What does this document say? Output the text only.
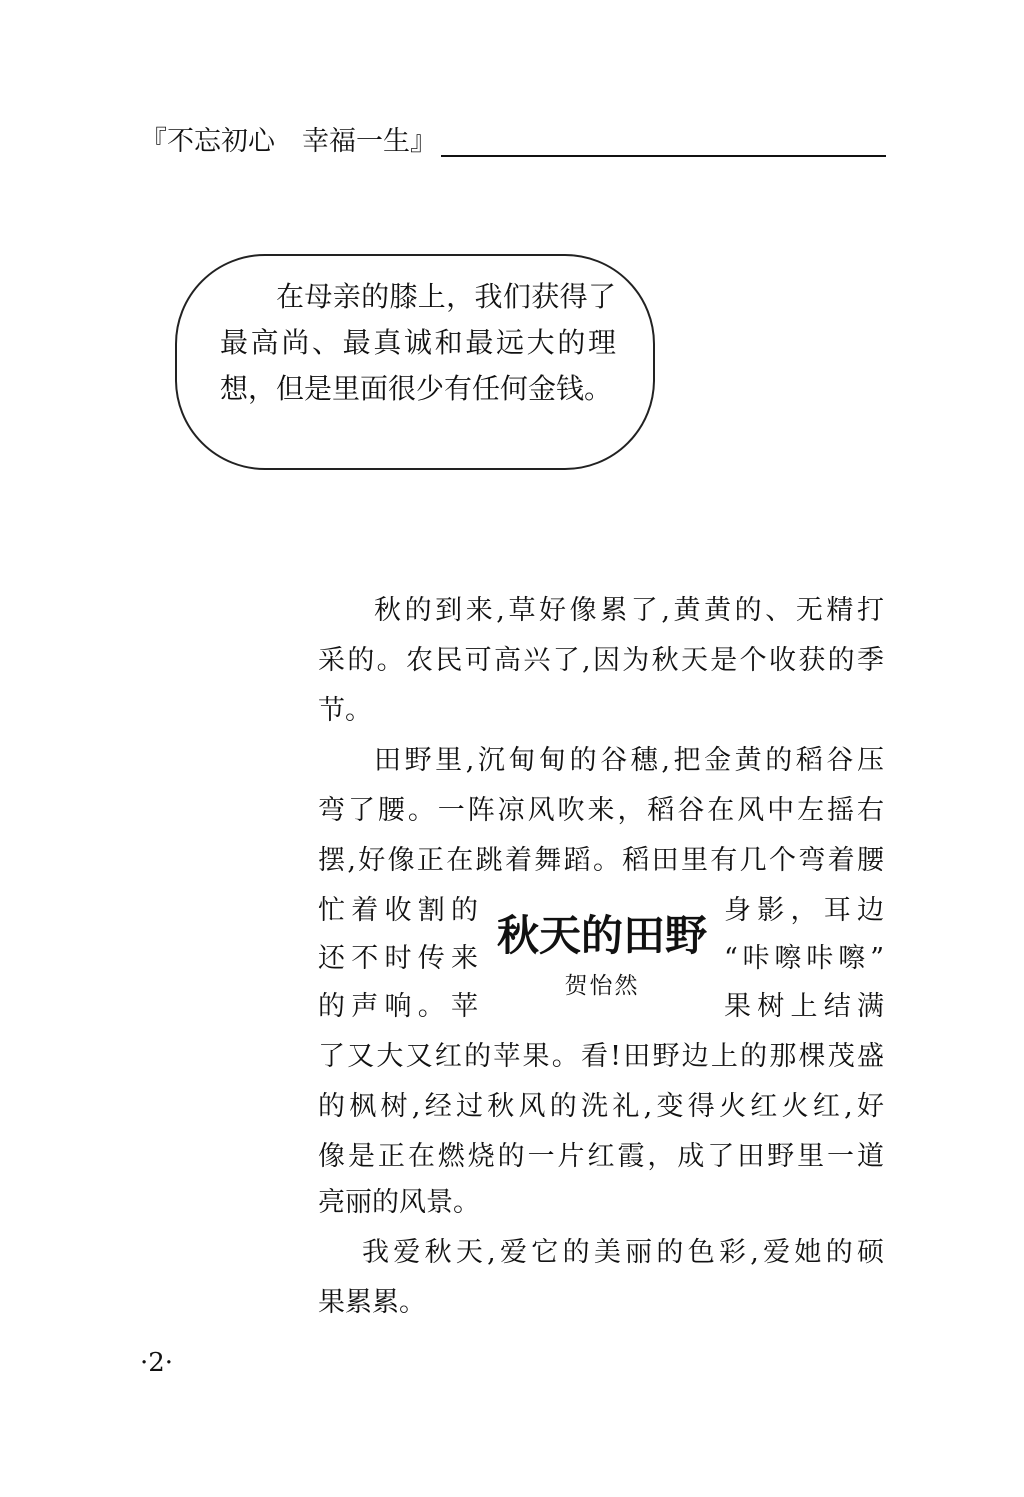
『不忘初心　幸福一生』
在母亲的膝上，我们获得了最高尚、最真诚和最远大的理想，但是里面很少有任何金钱。
秋的到来,草好像累了,黄黄的、无精打
采的。农民可高兴了,因为秋天是个收获的季
节。
田野里,沉甸甸的谷穗,把金黄的稻谷压
弯了腰。一阵凉风吹来，稻谷在风中左摇右
摆,好像正在跳着舞蹈。稻田里有几个弯着腰
忙着收割的	身影，耳边
还不时传来	“咔嚓咔嚓”
的声响。苹	果树上结满
秋天的田野
贺怡然
了又大又红的苹果。看!田野边上的那棵茂盛
的枫树,经过秋风的洗礼,变得火红火红,好
像是正在燃烧的一片红霞，成了田野里一道
亮丽的风景。
我爱秋天,爱它的美丽的色彩,爱她的硕
果累累。
·2·
